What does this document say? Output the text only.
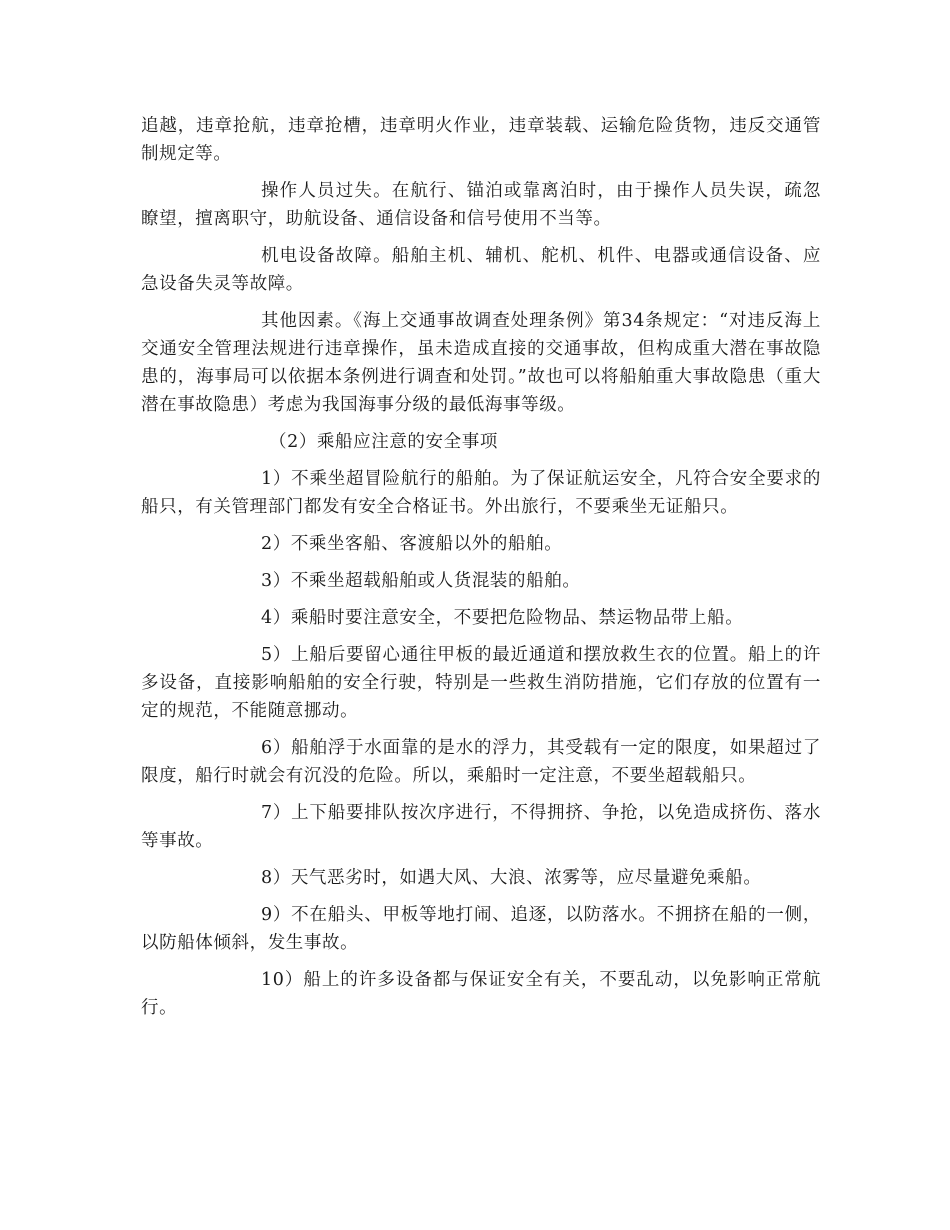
追越，违章抢航，违章抢槽，违章明火作业，违章装载、运输危险货物，违反交通管制规定等。

操作人员过失。在航行、锚泊或靠离泊时，由于操作人员失误，疏忽瞭望，擅离职守，助航设备、通信设备和信号使用不当等。

机电设备故障。船舶主机、辅机、舵机、机件、电器或通信设备、应急设备失灵等故障。

其他因素。《海上交通事故调查处理条例》第34条规定：“对违反海上交通安全管理法规进行违章操作，虽未造成直接的交通事故，但构成重大潜在事故隐患的，海事局可以依据本条例进行调查和处罚。”故也可以将船舶重大事故隐患（重大潜在事故隐患）考虑为我国海事分级的最低海事等级。

（2）乘船应注意的安全事项

1）不乘坐超冒险航行的船舶。为了保证航运安全，凡符合安全要求的船只，有关管理部门都发有安全合格证书。外出旅行，不要乘坐无证船只。

2）不乘坐客船、客渡船以外的船舶。

3）不乘坐超载船舶或人货混装的船舶。

4）乘船时要注意安全，不要把危险物品、禁运物品带上船。

5）上船后要留心通往甲板的最近通道和摆放救生衣的位置。船上的许多设备，直接影响船舶的安全行驶，特别是一些救生消防措施，它们存放的位置有一定的规范，不能随意挪动。

6）船舶浮于水面靠的是水的浮力，其受载有一定的限度，如果超过了限度，船行时就会有沉没的危险。所以，乘船时一定注意，不要坐超载船只。

7）上下船要排队按次序进行，不得拥挤、争抢，以免造成挤伤、落水等事故。

8）天气恶劣时，如遇大风、大浪、浓雾等，应尽量避免乘船。

9）不在船头、甲板等地打闹、追逐，以防落水。不拥挤在船的一侧，以防船体倾斜，发生事故。

10）船上的许多设备都与保证安全有关，不要乱动，以免影响正常航行。
